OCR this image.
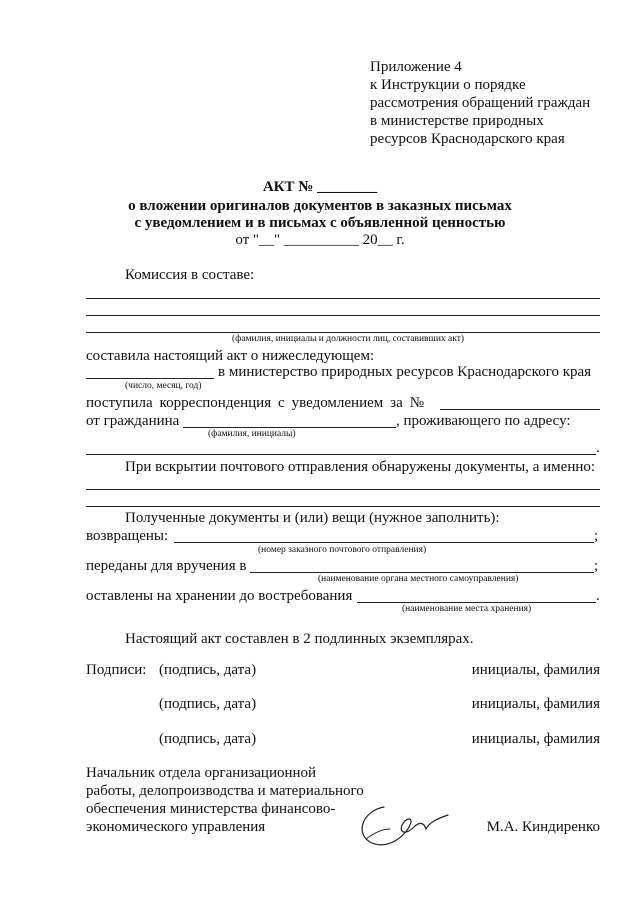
Приложение 4
к Инструкции о порядке
рассмотрения обращений граждан
в министерстве природных
ресурсов Краснодарского края
АКТ № ________
о вложении оригиналов документов в заказных письмах
с уведомлением и в письмах с объявленной ценностью
от "__" __________ 20__ г.
Комиссия в составе:
(фамилия, инициалы и должности лиц, составивших акт)
составила настоящий акт о нижеследующем:
в министерство природных ресурсов Краснодарского края
(число, месяц, год)
поступила корреспонденция с уведомлением за №
от гражданина	, проживающего по адресу:
(фамилия, инициалы)
.
При вскрытии почтового отправления обнаружены документы, а именно:
Полученные документы и (или) вещи (нужное заполнить):
возвращены:	;
(номер заказного почтового отправления)
переданы для вручения в	;
(наименование органа местного самоуправления)
оставлены на хранении до востребования	.
(наименование места хранения)
Настоящий акт составлен в 2 подлинных экземплярах.
Подписи: (подпись, дата)	инициалы, фамилия
(подпись, дата)	инициалы, фамилия
(подпись, дата)	инициалы, фамилия
Начальник отдела организационной
работы, делопроизводства и материального
обеспечения министерства финансово-
экономического управления	М.А. Киндиренко
